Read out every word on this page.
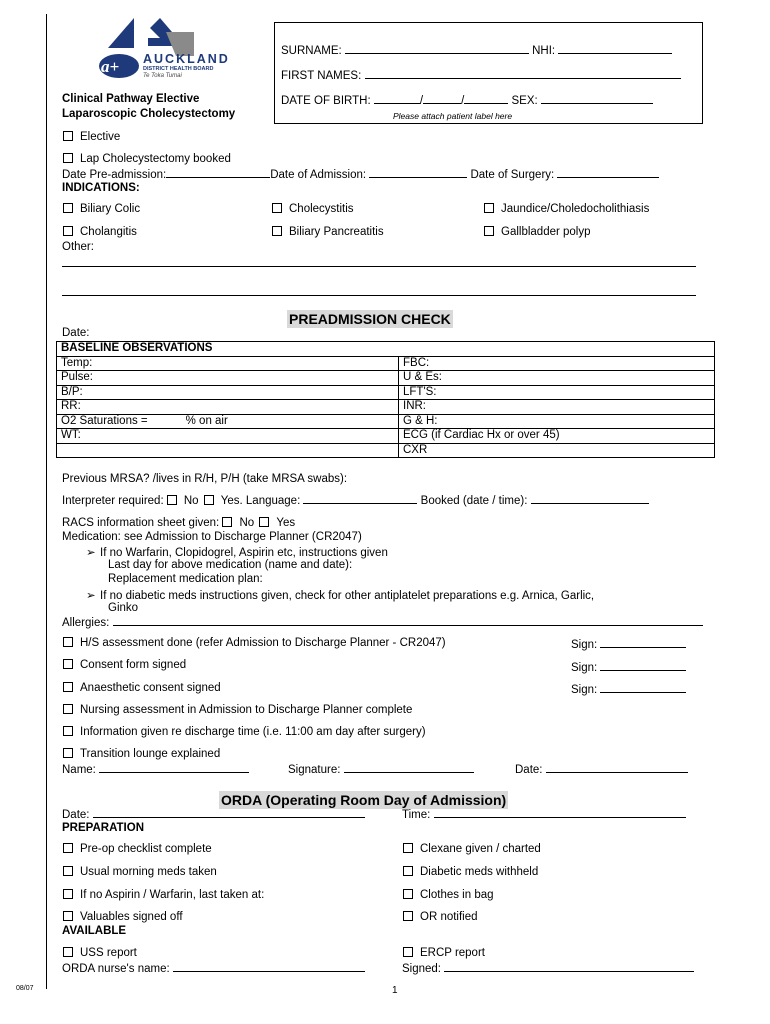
a+ AUCKLAND
DISTRICT HEALTH BOARD
Te Toka Tumai
Clinical Pathway Elective
Laparoscopic Cholecystectomy
SURNAME:	NHI:
FIRST NAMES:
DATE OF BIRTH:	/	/	SEX:
Please attach patient label here
Elective
Lap Cholecystectomy booked
Date Pre-admission:	Date of Admission:	Date of Surgery:
INDICATIONS:
Biliary Colic	Cholecystitis	Jaundice/Choledocholithiasis
Cholangitis	Biliary Pancreatitis	Gallbladder polyp
Other:
PREADMISSION CHECK
Date:
BASELINE OBSERVATIONS	
Temp:	FBC:
Pulse:	U & Es:
B/P:	LFT'S:
RR:	INR:
O2 Saturations = % on air	G & H:
WT:	ECG (if Cardiac Hx or over 45)
	CXR
Previous MRSA? /lives in R/H, P/H (take MRSA swabs):
Interpreter required: No Yes. Language:	Booked (date / time):
RACS information sheet given: No Yes
Medication: see Admission to Discharge Planner (CR2047)
➢ If no Warfarin, Clopidogrel, Aspirin etc, instructions given
Last day for above medication (name and date):
Replacement medication plan:
➢ If no diabetic meds instructions given, check for other antiplatelet preparations e.g. Arnica, Garlic,
Ginko
Allergies:
H/S assessment done (refer Admission to Discharge Planner - CR2047)	Sign:
Consent form signed	Sign:
Anaesthetic consent signed	Sign:
Nursing assessment in Admission to Discharge Planner complete
Information given re discharge time (i.e. 11:00 am day after surgery)
Transition lounge explained
Name:	Signature:	Date:
ORDA (Operating Room Day of Admission)
Date:	Time:
PREPARATION
Pre-op checklist complete	Clexane given / charted
Usual morning meds taken	Diabetic meds withheld
If no Aspirin / Warfarin, last taken at:	Clothes in bag
Valuables signed off	OR notified
AVAILABLE
USS report	ERCP report
ORDA nurse's name:	Signed:
08/07	1
